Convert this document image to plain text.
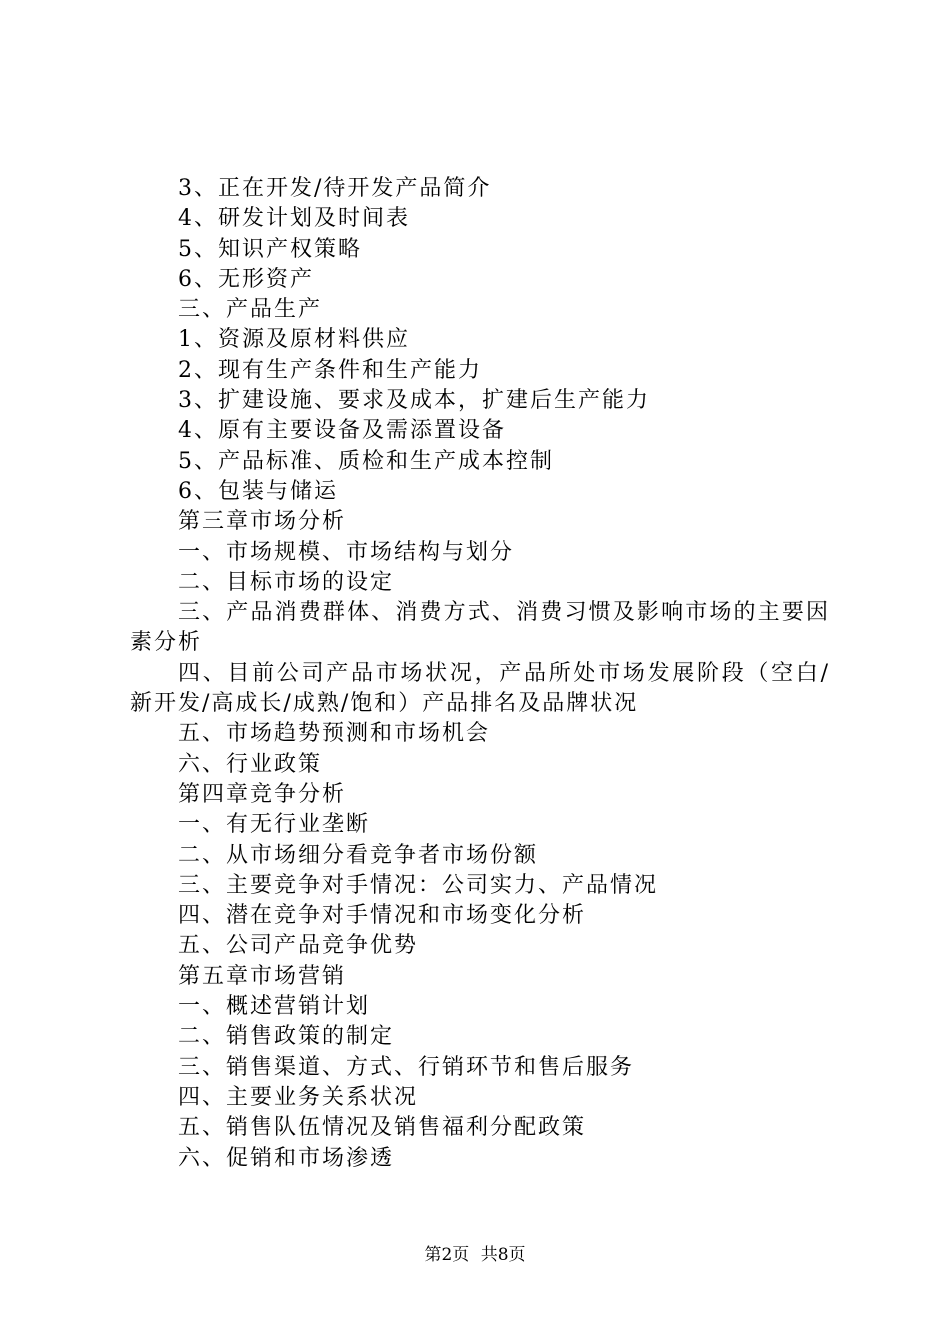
3、正在开发/待开发产品简介
4、研发计划及时间表
5、知识产权策略
6、无形资产
三、产品生产
1、资源及原材料供应
2、现有生产条件和生产能力
3、扩建设施、要求及成本，扩建后生产能力
4、原有主要设备及需添置设备
5、产品标准、质检和生产成本控制
6、包装与储运
第三章市场分析
一、市场规模、市场结构与划分
二、目标市场的设定
三、产品消费群体、消费方式、消费习惯及影响市场的主要因素分析
四、目前公司产品市场状况，产品所处市场发展阶段（空白/新开发/高成长/成熟/饱和）产品排名及品牌状况
五、市场趋势预测和市场机会
六、行业政策
第四章竞争分析
一、有无行业垄断
二、从市场细分看竞争者市场份额
三、主要竞争对手情况：公司实力、产品情况
四、潜在竞争对手情况和市场变化分析
五、公司产品竞争优势
第五章市场营销
一、概述营销计划
二、销售政策的制定
三、销售渠道、方式、行销环节和售后服务
四、主要业务关系状况
五、销售队伍情况及销售福利分配政策
六、促销和市场渗透
第2页 共8页
